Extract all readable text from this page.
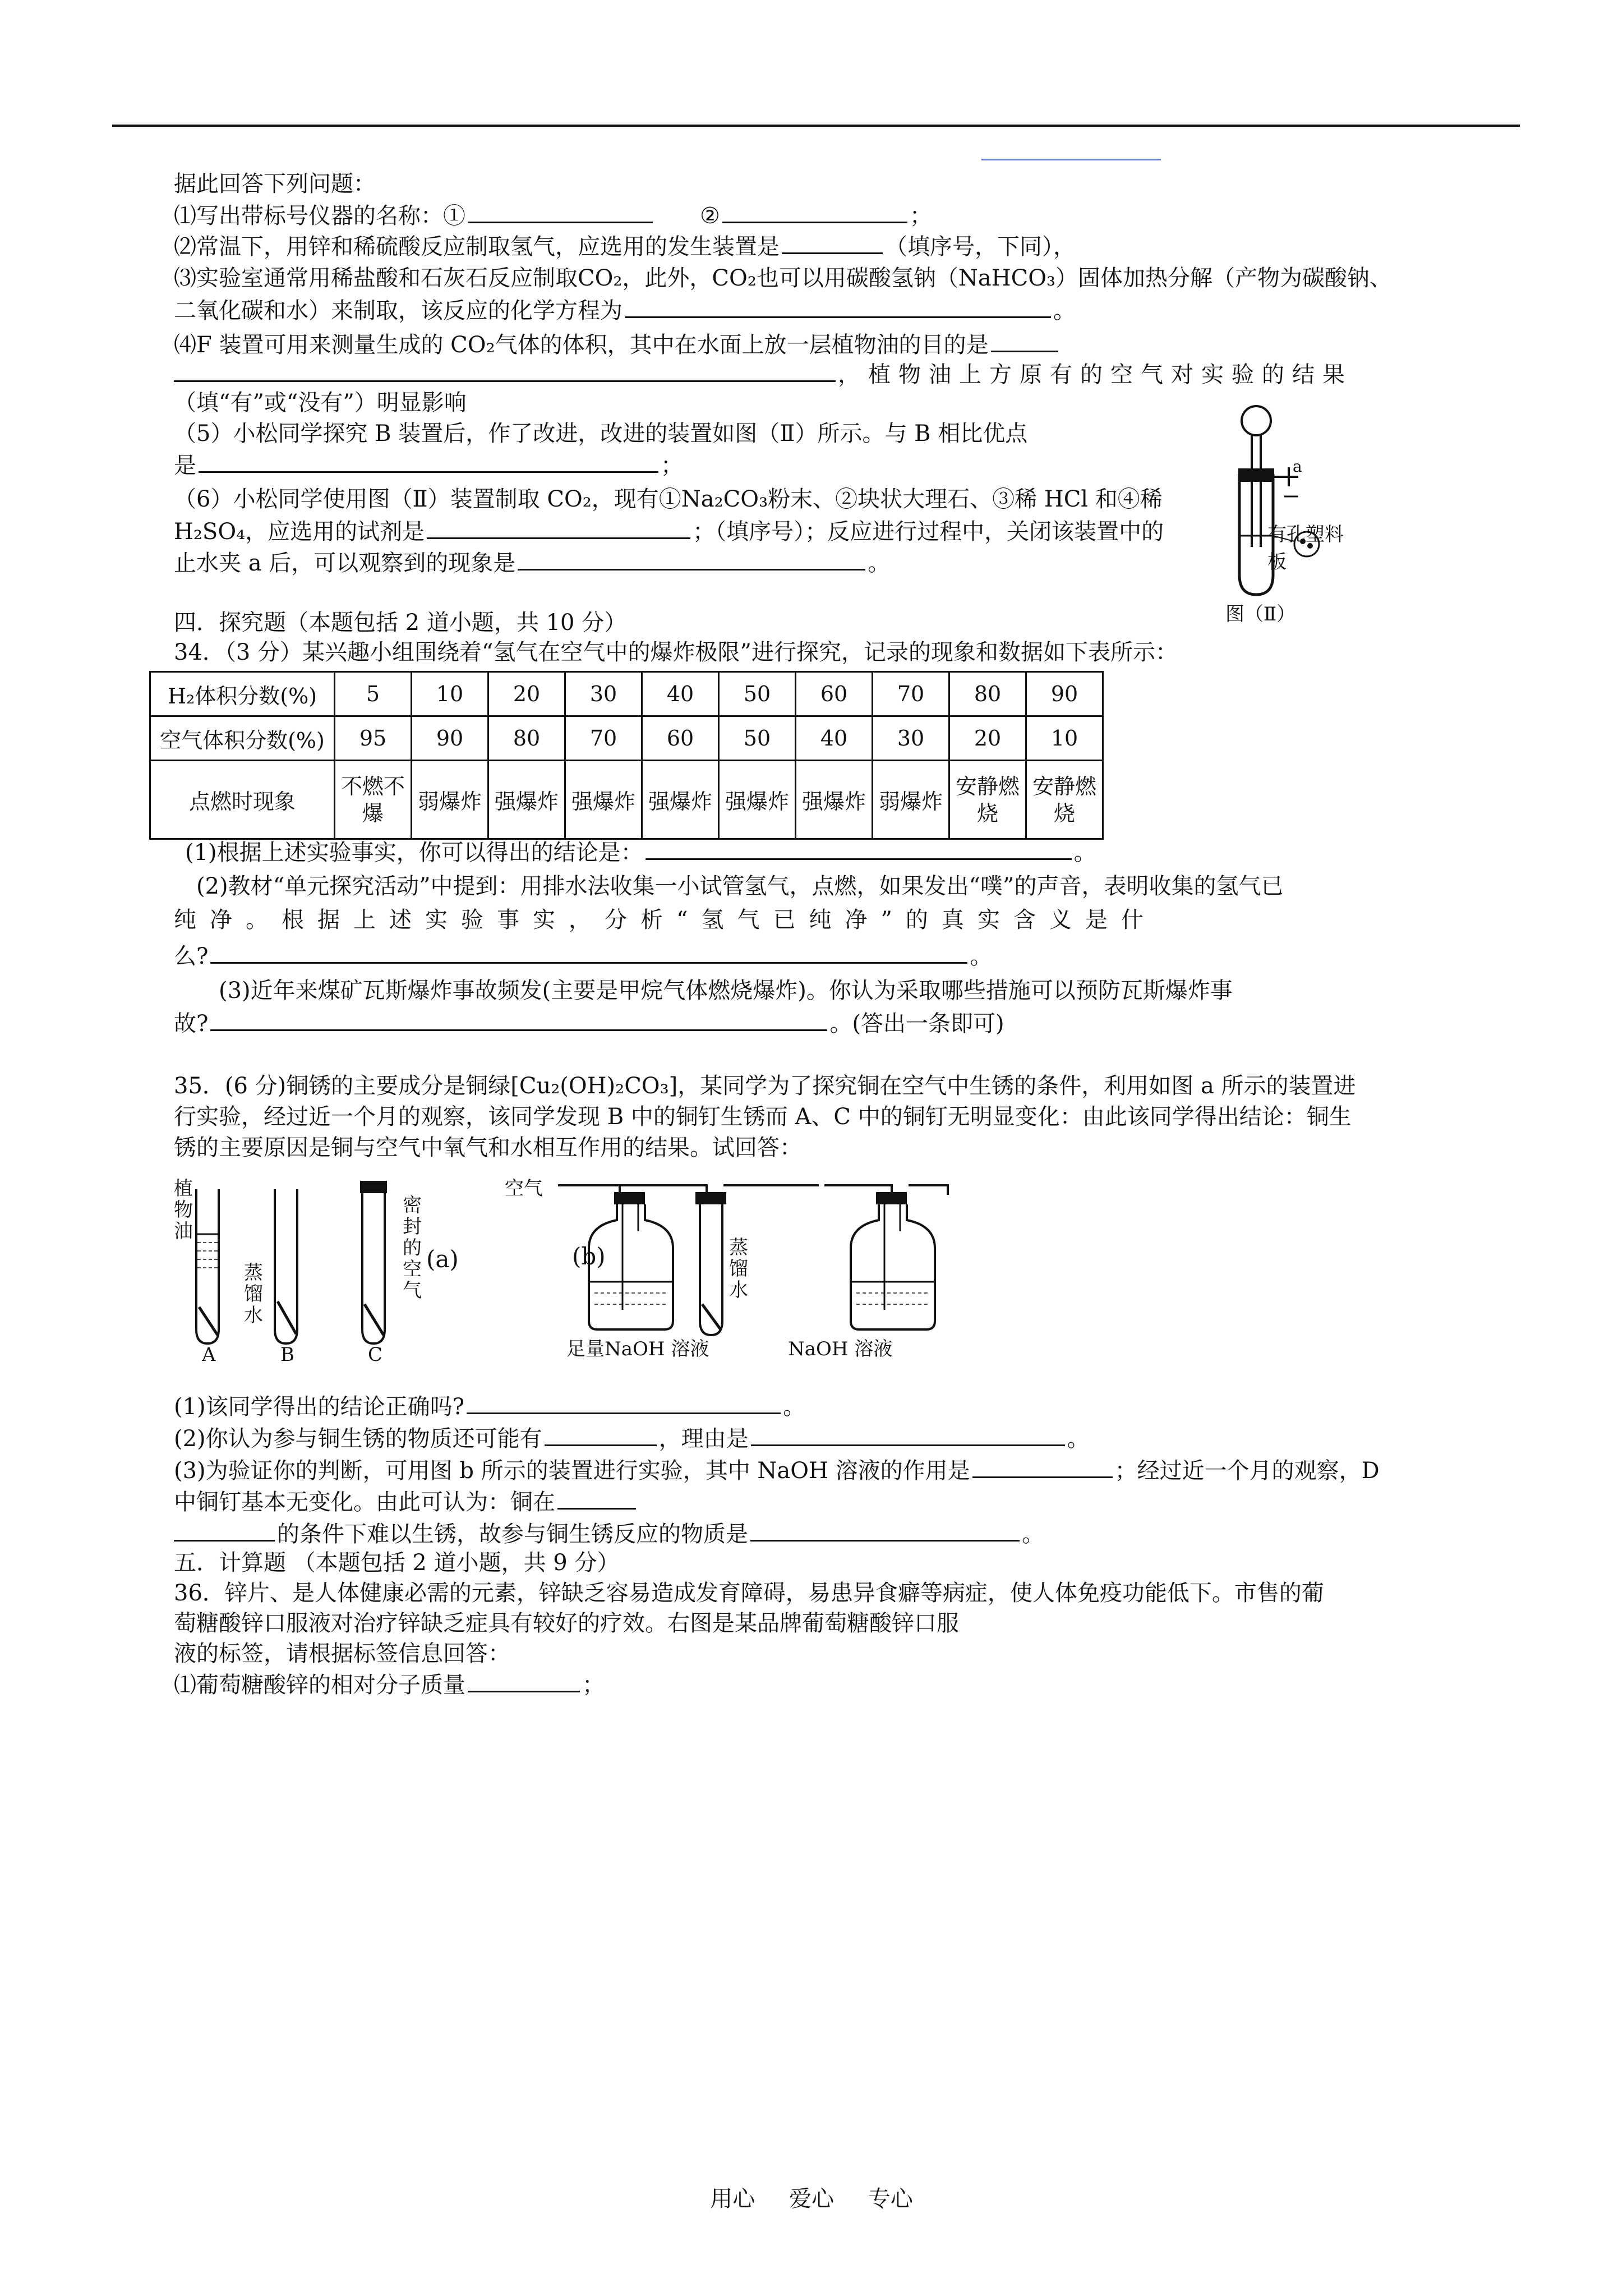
据此回答下列问题：
⑴写出带标号仪器的名称：①	②	；
⑵常温下，用锌和稀硫酸反应制取氢气，应选用的发生装置是	（填序号，下同），
⑶实验室通常用稀盐酸和石灰石反应制取CO₂，此外，CO₂也可以用碳酸氢钠（NaHCO₃）固体加热分解（产物为碳酸钠、
二氧化碳和水）来制取，该反应的化学方程为	。
⑷F 装置可用来测量生成的 CO₂气体的体积，其中在水面上放一层植物油的目的是
，植物油上方原有的空气对实验的结果
（填“有”或“没有”）明显影响
（5）小松同学探究 B 装置后，作了改进，改进的装置如图（Ⅱ）所示。与 B 相比优点
是	；
（6）小松同学使用图（Ⅱ）装置制取 CO₂，现有①Na₂CO₃粉末、②块状大理石、③稀 HCl 和④稀
H₂SO₄，应选用的试剂是	；（填序号）；反应进行过程中，关闭该装置中的
止水夹 a 后，可以观察到的现象是	。
a
有孔塑料板
图（Ⅱ）
四．探究题（本题包括 2 道小题，共 10 分）
34．（3 分）某兴趣小组围绕着“氢气在空气中的爆炸极限”进行探究，记录的现象和数据如下表所示：
H₂体积分数(%)	5	10	20	30	40	50	60	70	80	90
空气体积分数(%)	95	90	80	70	60	50	40	30	20	10
点燃时现象	不燃不爆	弱爆炸	强爆炸	强爆炸	强爆炸	强爆炸	强爆炸	弱爆炸	安静燃烧	安静燃烧
(1)根据上述实验事实，你可以得出的结论是：	。
(2)教材“单元探究活动”中提到：用排水法收集一小试管氢气，点燃，如果发出“噗”的声音，表明收集的氢气已
纯净。根据上述实验事实，分析“氢气已纯净”的真实含义是什
么?	。
(3)近年来煤矿瓦斯爆炸事故频发(主要是甲烷气体燃烧爆炸)。你认为采取哪些措施可以预防瓦斯爆炸事
故?	。(答出一条即可)
35．(6 分)铜锈的主要成分是铜绿[Cu₂(OH)₂CO₃]，某同学为了探究铜在空气中生锈的条件，利用如图 a 所示的装置进
行实验，经过近一个月的观察，该同学发现 B 中的铜钉生锈而 A、C 中的铜钉无明显变化：由此该同学得出结论：铜生
锈的主要原因是铜与空气中氧气和水相互作用的结果。试回答：
植物油
蒸馏水
密封的空气
(a)
A	B	C
空气
(b)	蒸馏水
足量NaOH 溶液	NaOH 溶液
(1)该同学得出的结论正确吗?	。
(2)你认为参与铜生锈的物质还可能有	，理由是	。
(3)为验证你的判断，可用图 b 所示的装置进行实验，其中 NaOH 溶液的作用是	；经过近一个月的观察，D
中铜钉基本无变化。由此可认为：铜在
的条件下难以生锈，故参与铜生锈反应的物质是	。
五．计算题 （本题包括 2 道小题，共 9 分）
36．锌片、是人体健康必需的元素，锌缺乏容易造成发育障碍，易患异食癖等病症，使人体免疫功能低下。市售的葡
萄糖酸锌口服液对治疗锌缺乏症具有较好的疗效。右图是某品牌葡萄糖酸锌口服
液的标签，请根据标签信息回答：
⑴葡萄糖酸锌的相对分子质量	；
用心 爱心 专心
